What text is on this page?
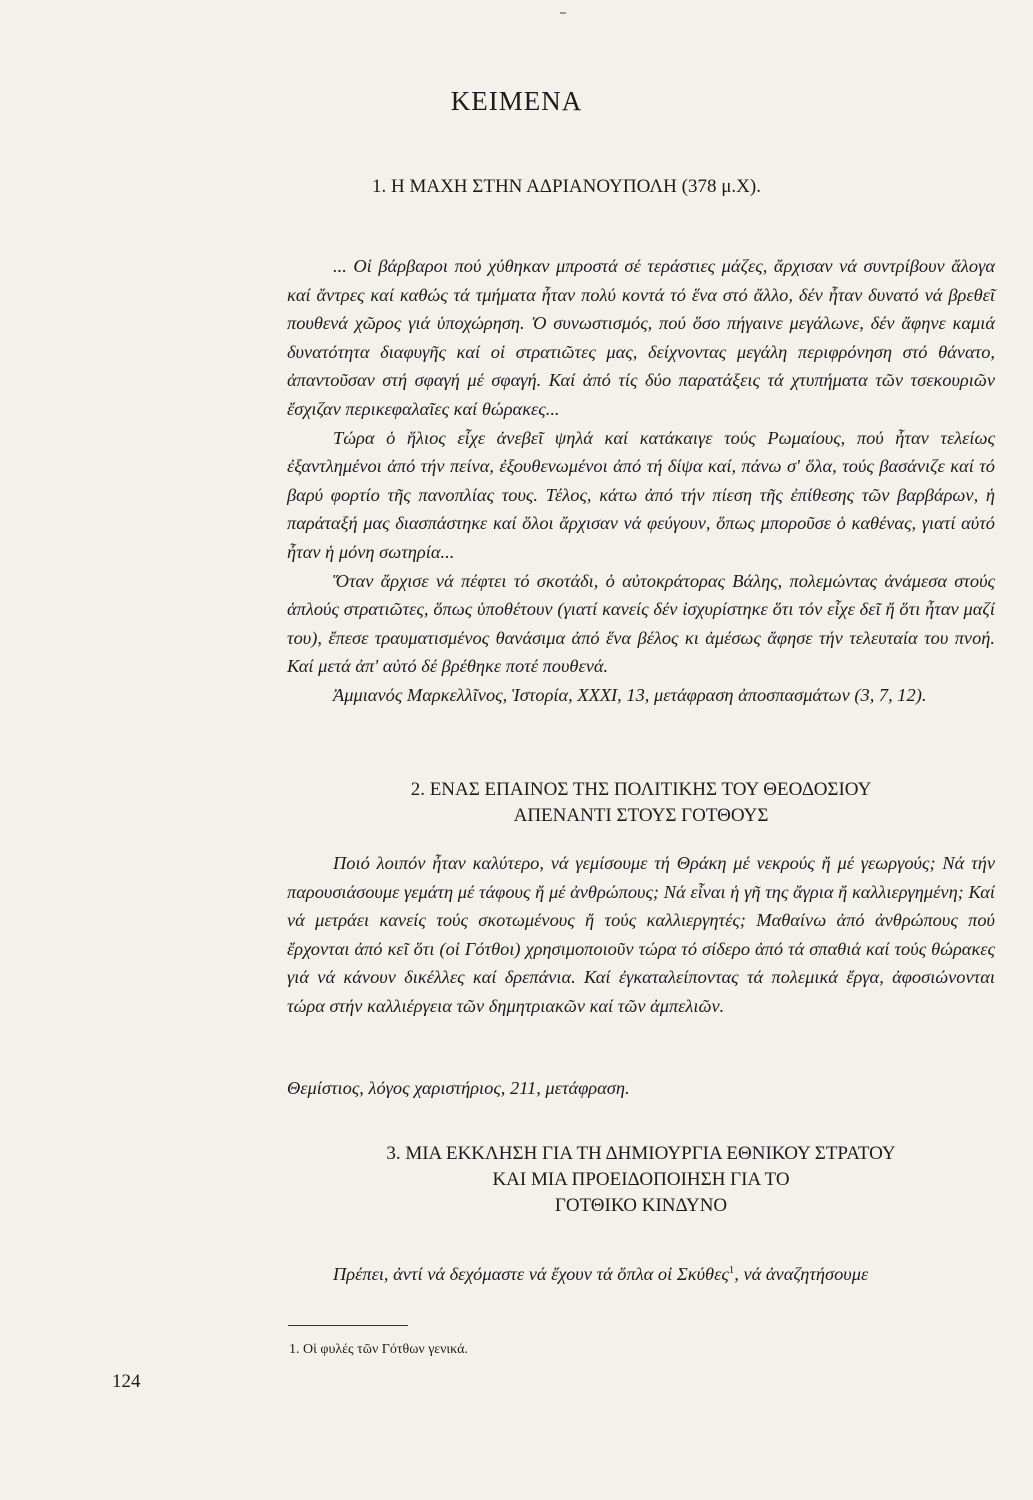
ΚΕΙΜΕΝΑ
1. Η ΜΑΧΗ ΣΤΗΝ ΑΔΡΙΑΝΟΥΠΟΛΗ (378 μ.Χ).

... Οἱ βάρβαροι πού χύθηκαν μπροστά σέ τεράστιες μάζες, ἄρχισαν νά συντρίβουν ἄλογα καί ἄντρες καί καθώς τά τμήματα ἦταν πολύ κοντά τό ἕνα στό ἄλλο, δέν ἦταν δυνατό νά βρεθεῖ πουθενά χῶρος γιά ὑποχώρηση. Ὁ συνωστισμός, πού ὅσο πήγαινε μεγάλωνε, δέν ἄφηνε καμιά δυνατότητα διαφυγῆς καί οἱ στρατιῶτες μας, δείχνοντας μεγάλη περιφρόνηση στό θάνατο, ἀπαντοῦσαν στή σφαγή μέ σφαγή. Καί ἀπό τίς δύο παρατάξεις τά χτυπήματα τῶν τσεκουριῶν ἔσχιζαν περικεφαλαῖες καί θώρακες...

Τώρα ὁ ἥλιος εἶχε ἀνεβεῖ ψηλά καί κατάκαιγε τούς Ρωμαίους, πού ἦταν τελείως ἐξαντλημένοι ἀπό τήν πείνα, ἐξουθενωμένοι ἀπό τή δίψα καί, πάνω σ' ὅλα, τούς βασάνιζε καί τό βαρύ φορτίο τῆς πανοπλίας τους. Τέλος, κάτω ἀπό τήν πίεση τῆς ἐπίθεσης τῶν βαρβάρων, ἡ παράταξή μας διασπάστηκε καί ὅλοι ἄρχισαν νά φεύγουν, ὅπως μποροῦσε ὁ καθένας, γιατί αὐτό ἦταν ἡ μόνη σωτηρία...

Ὅταν ἄρχισε νά πέφτει τό σκοτάδι, ὁ αὐτοκράτορας Βάλης, πολεμώντας ἀνάμεσα στούς ἁπλούς στρατιῶτες, ὅπως ὑποθέτουν (γιατί κανείς δέν ἰσχυρίστηκε ὅτι τόν εἶχε δεῖ ἤ ὅτι ἦταν μαζί του), ἔπεσε τραυματισμένος θανάσιμα ἀπό ἕνα βέλος κι ἀμέσως ἄφησε τήν τελευταία του πνοή. Καί μετά ἀπ' αὐτό δέ βρέθηκε ποτέ πουθενά.

Ἀμμιανός Μαρκελλῖνος, Ἱστορία, XXXI, 13, μετάφραση ἀποσπασμάτων (3, 7, 12).

2. ΕΝΑΣ ΕΠΑΙΝΟΣ ΤΗΣ ΠΟΛΙΤΙΚΗΣ ΤΟΥ ΘΕΟΔΟΣΙΟΥ
ΑΠΕΝΑΝΤΙ ΣΤΟΥΣ ΓΟΤΘΟΥΣ

Ποιό λοιπόν ἦταν καλύτερο, νά γεμίσουμε τή Θράκη μέ νεκρούς ἤ μέ γεωργούς; Νά τήν παρουσιάσουμε γεμάτη μέ τάφους ἤ μέ ἀνθρώπους; Νά εἶναι ἡ γῆ της ἄγρια ἤ καλλιεργημένη; Καί νά μετράει κανείς τούς σκοτωμένους ἤ τούς καλλιεργητές; Μαθαίνω ἀπό ἀνθρώπους πού ἔρχονται ἀπό κεῖ ὅτι (οἱ Γότθοι) χρησιμοποιοῦν τώρα τό σίδερο ἀπό τά σπαθιά καί τούς θώρακες γιά νά κάνουν δικέλλες καί δρεπάνια. Καί ἐγκαταλείποντας τά πολεμικά ἔργα, ἀφοσιώνονται τώρα στήν καλλιέργεια τῶν δημητριακῶν καί τῶν ἀμπελιῶν.

Θεμίστιος, λόγος χαριστήριος, 211, μετάφραση.
3. ΜΙΑ ΕΚΚΛΗΣΗ ΓΙΑ ΤΗ ΔΗΜΙΟΥΡΓΙΑ ΕΘΝΙΚΟΥ ΣΤΡΑΤΟΥ
ΚΑΙ ΜΙΑ ΠΡΟΕΙΔΟΠΟΙΗΣΗ ΓΙΑ ΤΟ
ΓΟΤΘΙΚΟ ΚΙΝΔΥΝΟ

Πρέπει, ἀντί νά δεχόμαστε νά ἔχουν τά ὅπλα οἱ Σκύθες$^1$, νά ἀναζητήσουμε

1. Οἱ φυλές τῶν Γότθων γενικά.
124
